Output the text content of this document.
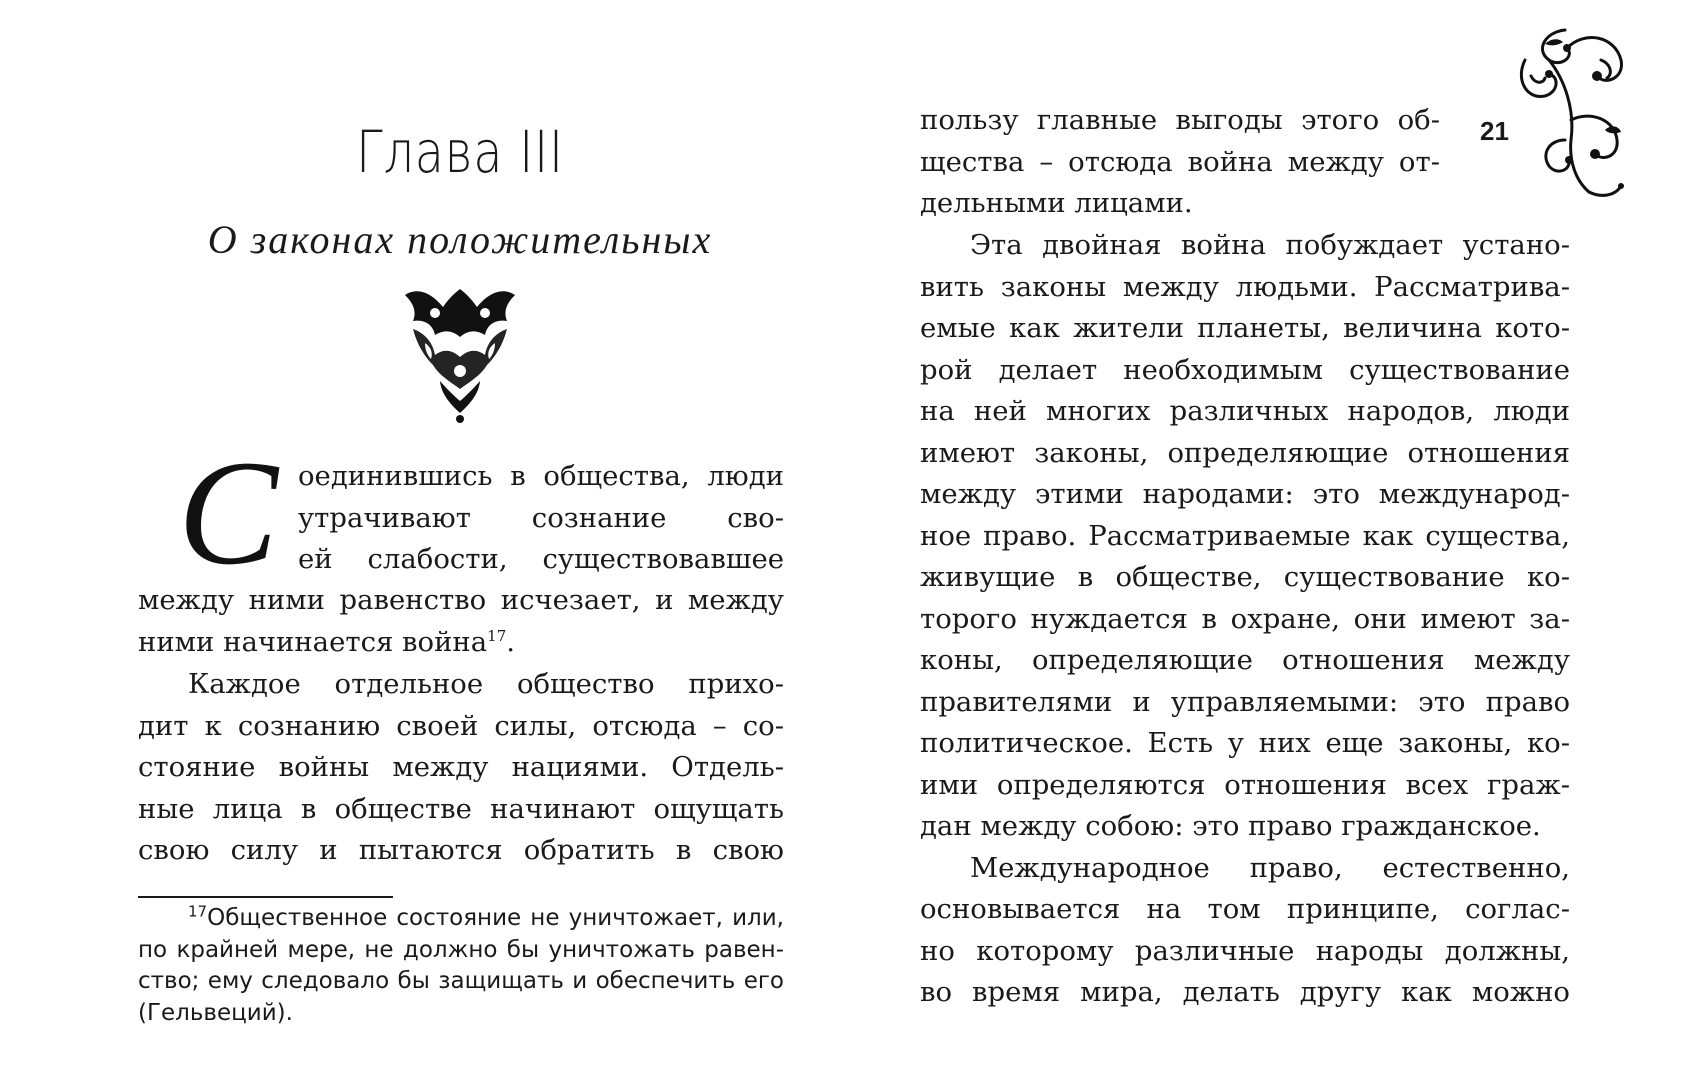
Глава III
О законах положительных
С оединившись в общества, люди
утрачивают сознание сво-
ей слабости, существовавшее
между ними равенство исчезает, и между
ними начинается война$^{17}$.
Каждое отдельное общество прихо-
дит к сознанию своей силы, отсюда – со-
стояние войны между нациями. Отдель-
ные лица в обществе начинают ощущать
свою силу и пытаются обратить в свою
$^{17}$Общественное состояние не уничтожает, или,
по крайней мере, не должно бы уничтожать равен-
ство; ему следовало бы защищать и обеспечить его
(Гельвеций).
21
пользу главные выгоды этого об-
щества – отсюда война между от-
дельными лицами.
Эта двойная война побуждает устано-
вить законы между людьми. Рассматрива-
емые как жители планеты, величина кото-
рой делает необходимым существование
на ней многих различных народов, люди
имеют законы, определяющие отношения
между этими народами: это международ-
ное право. Рассматриваемые как существа,
живущие в обществе, существование ко-
торого нуждается в охране, они имеют за-
коны, определяющие отношения между
правителями и управляемыми: это право
политическое. Есть у них еще законы, ко-
ими определяются отношения всех граж-
дан между собою: это право гражданское.
Международное право, естественно,
основывается на том принципе, соглас-
но которому различные народы должны,
во время мира, делать другу как можно
